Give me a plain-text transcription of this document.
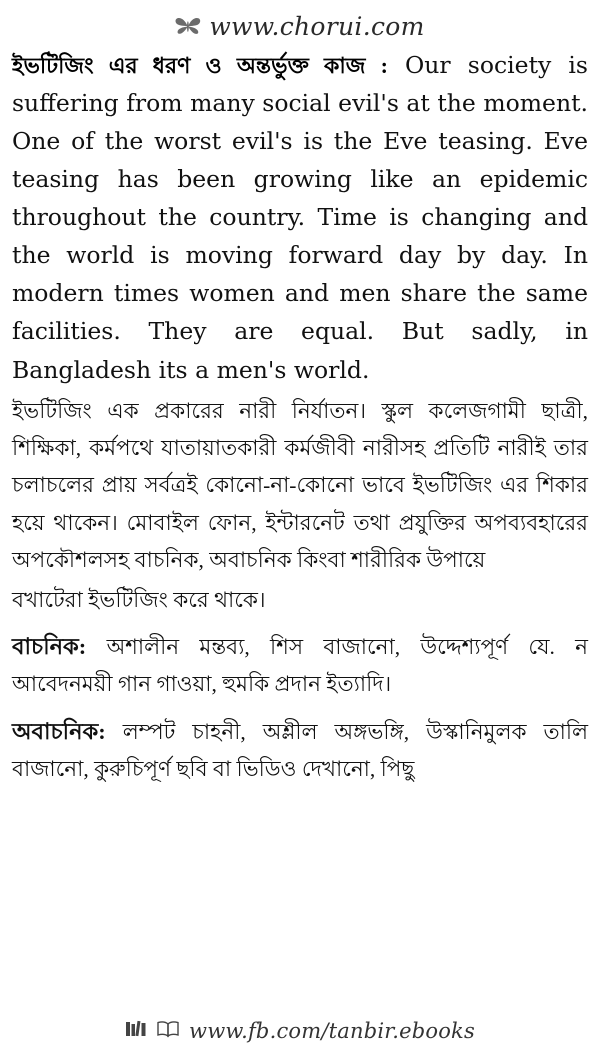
www.chorui.com

ইভটিজিং এর ধরণ ও অন্তর্ভুক্ত কাজ : Our society is suffering from many social evil's at the moment. One of the worst evil's is the Eve teasing. Eve teasing has been growing like an epidemic throughout the country. Time is changing and the world is moving forward day by day. In modern times women and men share the same facilities. They are equal. But sadly, in Bangladesh its a men's world.

ইভটিজিং এক প্রকারের নারী নির্যাতন। স্কুল কলেজগামী ছাত্রী, শিক্ষিকা, কর্মপথে যাতায়াতকারী কর্মজীবী নারীসহ প্রতিটি নারীই তার চলাচলের প্রায় সর্বত্রই কোনো-না-কোনো ভাবে ইভটিজিং এর শিকার হয়ে থাকেন। মোবাইল ফোন, ইন্টারনেট তথা প্রযুক্তির অপব্যবহারের অপকৌশলসহ বাচনিক, অবাচনিক কিংবা শারীরিক উপায়ে

বখাটেরা ইভটিজিং করে থাকে।

বাচনিক: অশালীন মন্তব্য, শিস বাজানো, উদ্দেশ্যপূর্ণ যে. ন আবেদনময়ী গান গাওয়া, হুমকি প্রদান ইত্যাদি।

অবাচনিক: লম্পট চাহনী, অশ্লীল অঙ্গভঙ্গি, উস্কানিমুলক তালি বাজানো, কুরুচিপূর্ণ ছবি বা ভিডিও দেখানো, পিছু

www.fb.com/tanbir.ebooks
